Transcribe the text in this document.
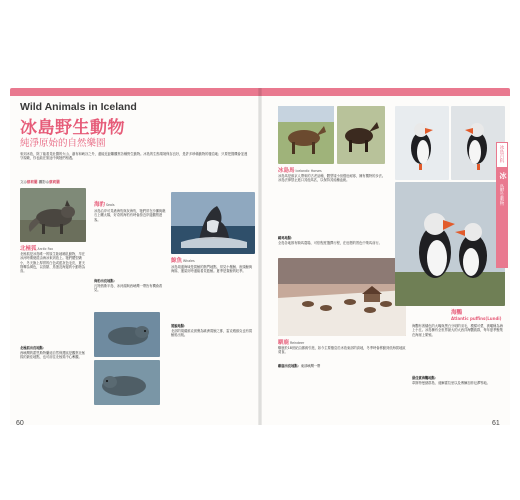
Wild Animals in Iceland
冰島野生動物
純淨原始的自然樂園
來到冰島，除了能看見壯闊的火山、瀑布和峽谷之外，還能近距離觀察各種野生動物。冰島的生態環境保存良好，是許多珍稀動物的棲息地；只要把握機會並遵守規範，你也能在旅途中與牠們相遇。
文◎蔡莉蘭 攝影◎蔡莉蘭
北極狐Arctic Fox
北極狐是冰島唯一的原生陸地哺乳動物，早在冰河時期便經由海冰來到島上。牠們體型嬌小，冬天換上厚實的白色或藍灰色毛皮，夏天則轉為褐色，以鳥類、鳥蛋及海邊的小動物為食。
北極狐出沒地點：
西峽灣的霍恩斯特蘭迪自然保護區是觀察北極狐的最佳地點，也可前往北極狐中心參觀。
海豹Seals
冰島沿岸可見港海豹與灰海豹，牠們常在沙灘與礁石上曬太陽，好奇的海豹有時會游近岸邊觀察遊客。
海豹出沒地點：
瓦特納斯半島、冰河湖與西峽灣一帶皆有機會看見。
鯨魚Whales
冰島周邊海域是賞鯨的熱門地點，常見小鬚鯨、座頭鯨與海豚，運氣好時還能看見藍鯨。夏季是賞鯨的旺季。
賞鯨地點：
北部的胡薩維克被譽為歐洲賞鯨之都，雷克雅維克也有賞鯨船出航。
冰島馬Icelandic Horses
冰島馬是維京人帶來的古老品種，體型矮小但強壯耐寒，擁有獨特的步法。冰島法律禁止進口其他馬匹，以保持其純種血統。
騎馬地點：
全島各地都有騎馬農場，可依程度選擇行程，在壯麗的景色中策馬前行。
馴鹿Reindeer
馴鹿於18世紀由挪威引進，如今主要棲息於冰島東部的高地，冬季時會移動到低海拔地區覓食。
馴鹿出沒地點：東部峽灣一帶
海鸚
Atlantic puffins(Lundi)
海鸚有著橘色的大嘴與黑白分明的羽毛，模樣可愛，被暱稱為海上小丑。冰島擁有全世界最大的大西洋海鸚族群，每年夏季聚集在海崖上繁殖。
最佳賞海鸚地點：
韋斯特曼納群島、迪爾霍拉里以及博爾加菲厄澤等地。
冰島百科
冰
島野生動物
60	61
